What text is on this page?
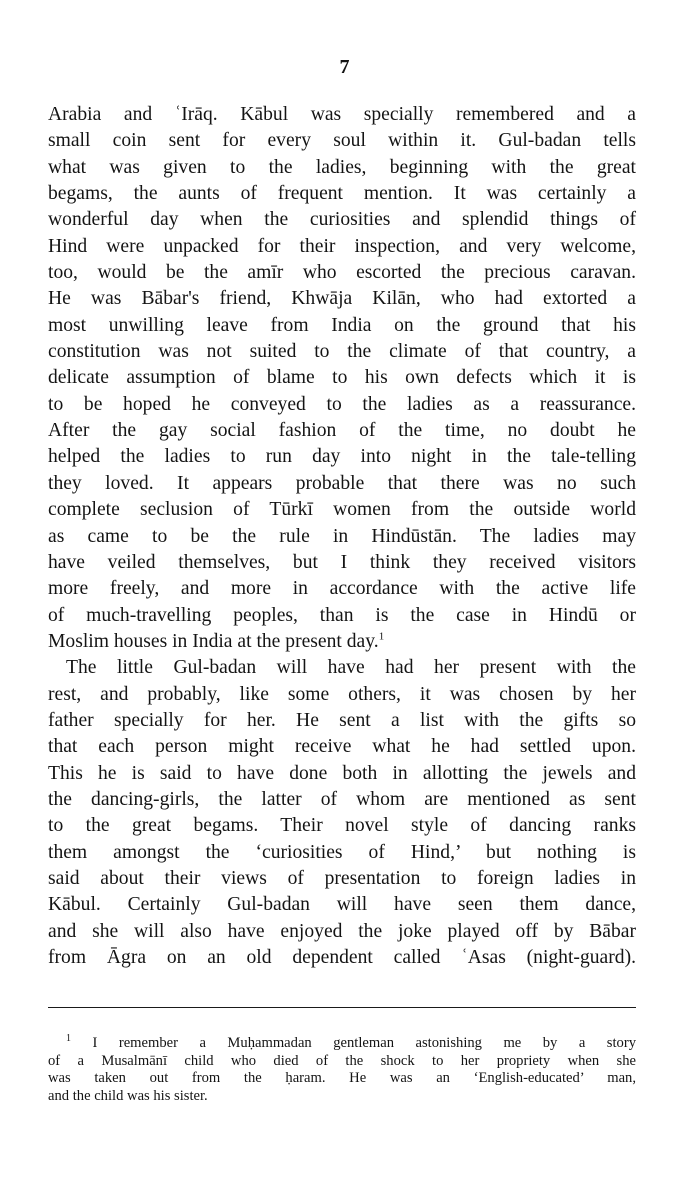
7
Arabia and ʿIrāq. Kābul was specially remembered and a
small coin sent for every soul within it. Gul-badan tells
what was given to the ladies, beginning with the great
begams, the aunts of frequent mention. It was certainly a
wonderful day when the curiosities and splendid things of
Hind were unpacked for their inspection, and very welcome,
too, would be the amīr who escorted the precious caravan.
He was Bābar's friend, Khwāja Kilān, who had extorted a
most unwilling leave from India on the ground that his
constitution was not suited to the climate of that country, a
delicate assumption of blame to his own defects which it is
to be hoped he conveyed to the ladies as a reassurance.
After the gay social fashion of the time, no doubt he
helped the ladies to run day into night in the tale-telling
they loved. It appears probable that there was no such
complete seclusion of Tūrkī women from the outside world
as came to be the rule in Hindūstān. The ladies may
have veiled themselves, but I think they received visitors
more freely, and more in accordance with the active life
of much-travelling peoples, than is the case in Hindū or
Moslim houses in India at the present day.$^1$
The little Gul-badan will have had her present with the
rest, and probably, like some others, it was chosen by her
father specially for her. He sent a list with the gifts so
that each person might receive what he had settled upon.
This he is said to have done both in allotting the jewels and
the dancing-girls, the latter of whom are mentioned as sent
to the great begams. Their novel style of dancing ranks
them amongst the ‘curiosities of Hind,’ but nothing is
said about their views of presentation to foreign ladies in
Kābul. Certainly Gul-badan will have seen them dance,
and she will also have enjoyed the joke played off by Bābar
from Āgra on an old dependent called ʿAsas (night-guard).
$^1$ I remember a Muḥammadan gentleman astonishing me by a story
of a Musalmānī child who died of the shock to her propriety when she
was taken out from the ḥaram. He was an ‘English-educated’ man,
and the child was his sister.
